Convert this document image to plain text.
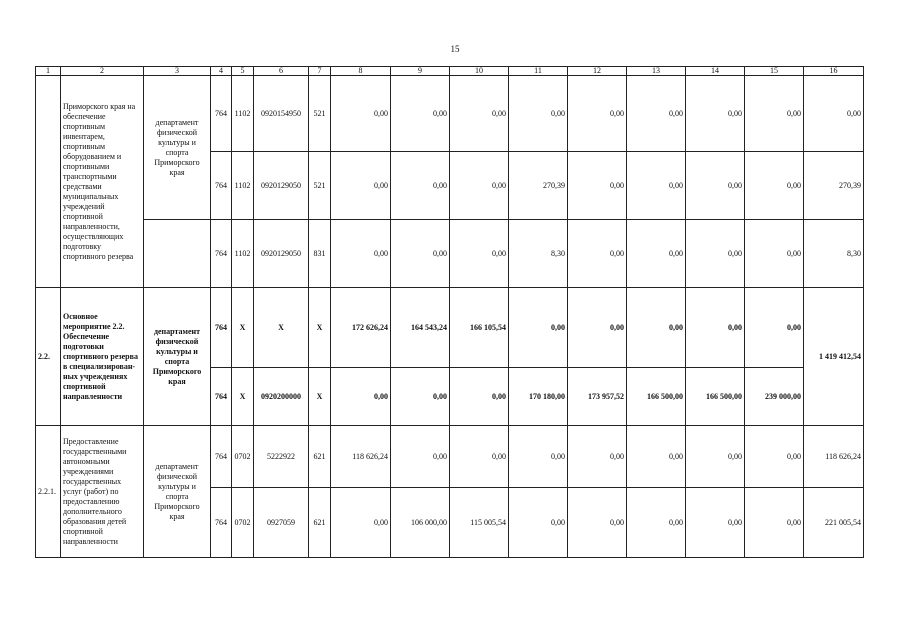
15
1	2	3	4	5	6	7	8	9	10	11	12	13	14	15	16
	Приморского края на обеспечение спортивным инвентарем, спортивным оборудованием и спортивными транспортными средствами муниципальных учреждений спортивной направленности, осуществляющих подготовку спортивного резерва	департамент физической культуры и спорта Приморского края	764	1102	0920154950	521	0,00	0,00	0,00	0,00	0,00	0,00	0,00	0,00	0,00
			764	1102	0920129050	521	0,00	0,00	0,00	270,39	0,00	0,00	0,00	0,00	270,39
			764	1102	0920129050	831	0,00	0,00	0,00	8,30	0,00	0,00	0,00	0,00	8,30
2.2.	Основное мероприятие 2.2. Обеспечение подготовки спортивного резерва в специализирован-ных учреждениях спортивной направленности	департамент физической культуры и спорта Приморского края	764	X	X	X	172 626,24	164 543,24	166 105,54	0,00	0,00	0,00	0,00	0,00	1 419 412,54
			764	X	0920200000	X	0,00	0,00	0,00	170 180,00	173 957,52	166 500,00	166 500,00	239 000,00	
2.2.1.	Предоставление государственными автономными учреждениями государственных услуг (работ) по предоставлению дополнительного образования детей спортивной направленности	департамент физической культуры и спорта Приморского края	764	0702	5222922	621	118 626,24	0,00	0,00	0,00	0,00	0,00	0,00	0,00	118 626,24
			764	0702	0927059	621	0,00	106 000,00	115 005,54	0,00	0,00	0,00	0,00	0,00	221 005,54
